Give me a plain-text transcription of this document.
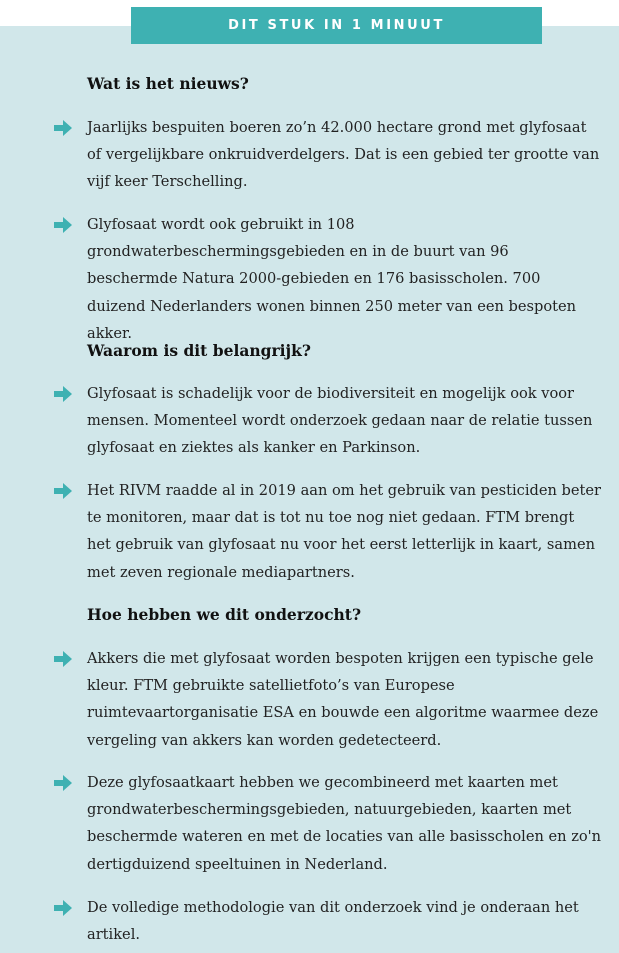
DIT STUK IN 1 MINUUT
Wat is het nieuws?
Jaarlijks bespuiten boeren zo’n 42.000 hectare grond met glyfosaat of vergelijkbare onkruidverdelgers. Dat is een gebied ter grootte van vijf keer Terschelling.
Glyfosaat wordt ook gebruikt in 108 grondwaterbeschermingsgebieden en in de buurt van 96 beschermde Natura 2000-gebieden en 176 basisscholen. 700 duizend Nederlanders wonen binnen 250 meter van een bespoten akker.
Waarom is dit belangrijk?
Glyfosaat is schadelijk voor de biodiversiteit en mogelijk ook voor mensen. Momenteel wordt onderzoek gedaan naar de relatie tussen glyfosaat en ziektes als kanker en Parkinson.
Het RIVM raadde al in 2019 aan om het gebruik van pesticiden beter te monitoren, maar dat is tot nu toe nog niet gedaan. FTM brengt het gebruik van glyfosaat nu voor het eerst letterlijk in kaart, samen met zeven regionale mediapartners.
Hoe hebben we dit onderzocht?
Akkers die met glyfosaat worden bespoten krijgen een typische gele kleur. FTM gebruikte satellietfoto’s van Europese ruimtevaartorganisatie ESA en bouwde een algoritme waarmee deze vergeling van akkers kan worden gedetecteerd.
Deze glyfosaatkaart hebben we gecombineerd met kaarten met grondwaterbeschermingsgebieden, natuurgebieden, kaarten met beschermde wateren en met de locaties van alle basisscholen en zo'n dertigduizend speeltuinen in Nederland.
De volledige methodologie van dit onderzoek vind je onderaan het artikel.
